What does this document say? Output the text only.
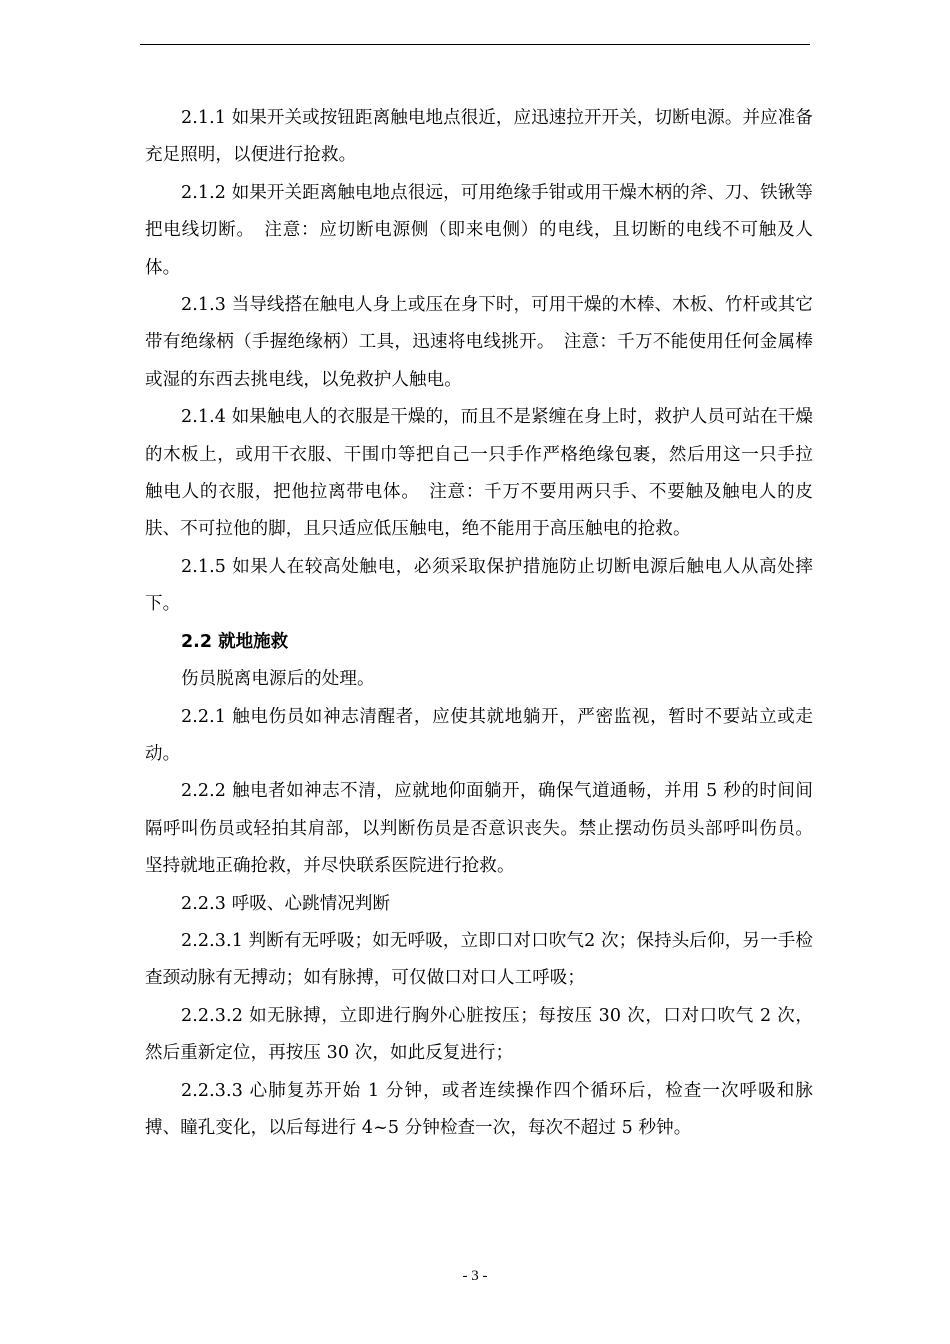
2.1.1 如果开关或按钮距离触电地点很近，应迅速拉开开关，切断电源。并应准备充足照明，以便进行抢救。

2.1.2 如果开关距离触电地点很远，可用绝缘手钳或用干燥木柄的斧、刀、铁锹等把电线切断。　注意：应切断电源侧（即来电侧）的电线，且切断的电线不可触及人体。

2.1.3 当导线搭在触电人身上或压在身下时，可用干燥的木棒、木板、竹杆或其它带有绝缘柄（手握绝缘柄）工具，迅速将电线挑开。　注意：千万不能使用任何金属棒或湿的东西去挑电线，以免救护人触电。

2.1.4 如果触电人的衣服是干燥的，而且不是紧缠在身上时，救护人员可站在干燥的木板上，或用干衣服、干围巾等把自己一只手作严格绝缘包裹，然后用这一只手拉触电人的衣服，把他拉离带电体。　注意：千万不要用两只手、不要触及触电人的皮肤、不可拉他的脚，且只适应低压触电，绝不能用于高压触电的抢救。

2.1.5 如果人在较高处触电，必须采取保护措施防止切断电源后触电人从高处摔下。

2.2 就地施救

伤员脱离电源后的处理。

2.2.1 触电伤员如神志清醒者，应使其就地躺开，严密监视，暂时不要站立或走动。

2.2.2 触电者如神志不清，应就地仰面躺开，确保气道通畅，并用 5 秒的时间间隔呼叫伤员或轻拍其肩部，以判断伤员是否意识丧失。禁止摆动伤员头部呼叫伤员。坚持就地正确抢救，并尽快联系医院进行抢救。

2.2.3 呼吸、心跳情况判断

2.2.3.1 判断有无呼吸；如无呼吸，立即口对口吹气2 次；保持头后仰，另一手检查颈动脉有无搏动；如有脉搏，可仅做口对口人工呼吸；

2.2.3.2 如无脉搏，立即进行胸外心脏按压；每按压 30 次，口对口吹气 2 次，然后重新定位，再按压 30 次，如此反复进行；

2.2.3.3 心肺复苏开始 1 分钟，或者连续操作四个循环后，检查一次呼吸和脉搏、瞳孔变化，以后每进行 4~5 分钟检查一次，每次不超过 5 秒钟。

- 3 -
